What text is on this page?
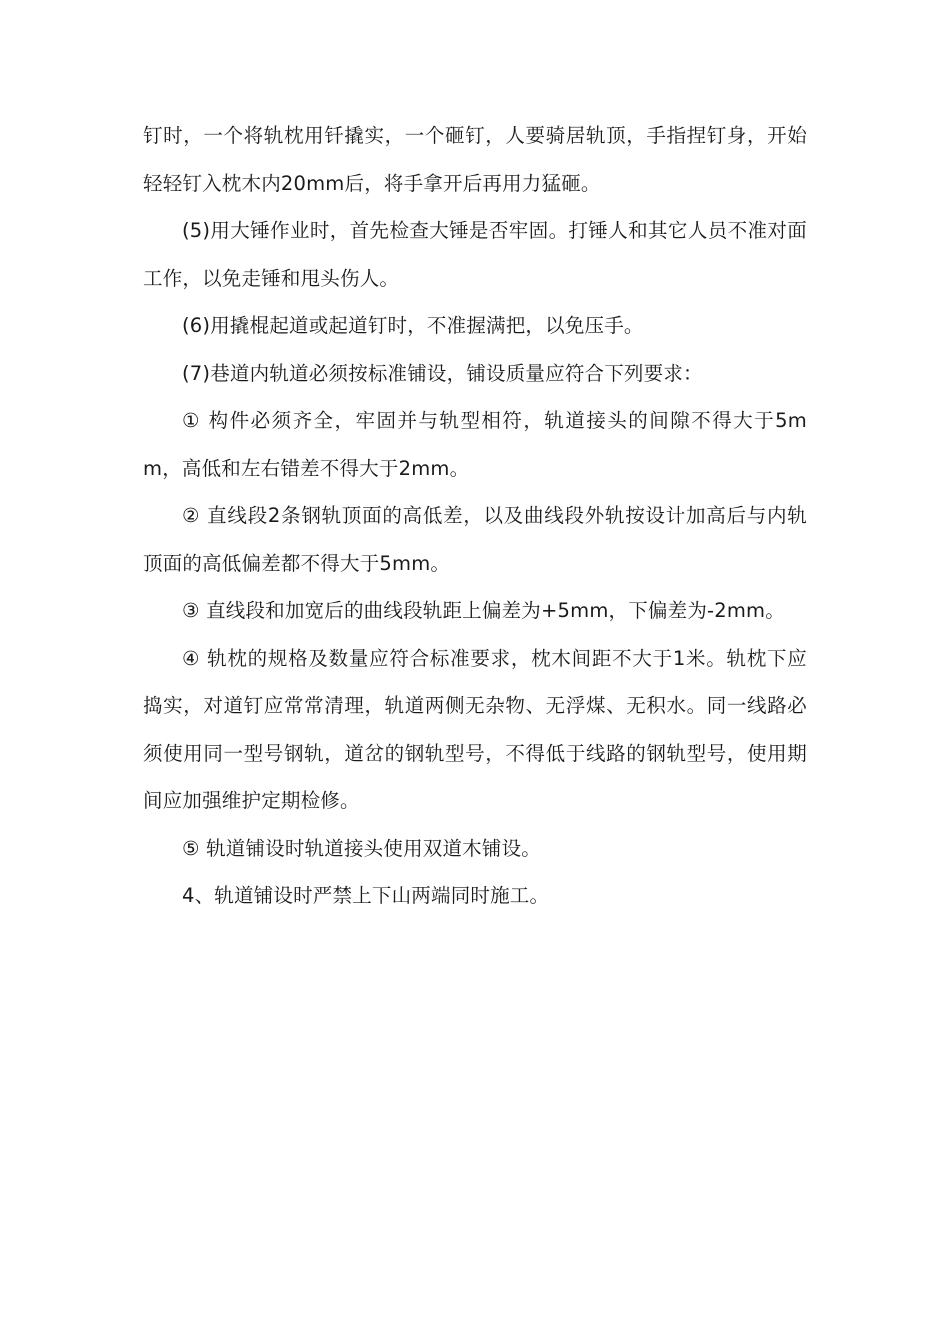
钉时，一个将轨枕用钎撬实，一个砸钉，人要骑居轨顶，手指捏钉身，开始轻轻钉入枕木内20mm后，将手拿开后再用力猛砸。

(5)用大锤作业时，首先检查大锤是否牢固。打锤人和其它人员不准对面工作，以免走锤和甩头伤人。

(6)用撬棍起道或起道钉时，不准握满把，以免压手。

(7)巷道内轨道必须按标准铺设，铺设质量应符合下列要求：

① 构件必须齐全，牢固并与轨型相符，轨道接头的间隙不得大于5mm，高低和左右错差不得大于2mm。

② 直线段2条钢轨顶面的高低差，以及曲线段外轨按设计加高后与内轨顶面的高低偏差都不得大于5mm。

③ 直线段和加宽后的曲线段轨距上偏差为+5mm，下偏差为-2mm。

④ 轨枕的规格及数量应符合标准要求，枕木间距不大于1米。轨枕下应捣实，对道钉应常常清理，轨道两侧无杂物、无浮煤、无积水。同一线路必须使用同一型号钢轨，道岔的钢轨型号，不得低于线路的钢轨型号，使用期间应加强维护定期检修。

⑤ 轨道铺设时轨道接头使用双道木铺设。

4、轨道铺设时严禁上下山两端同时施工。
